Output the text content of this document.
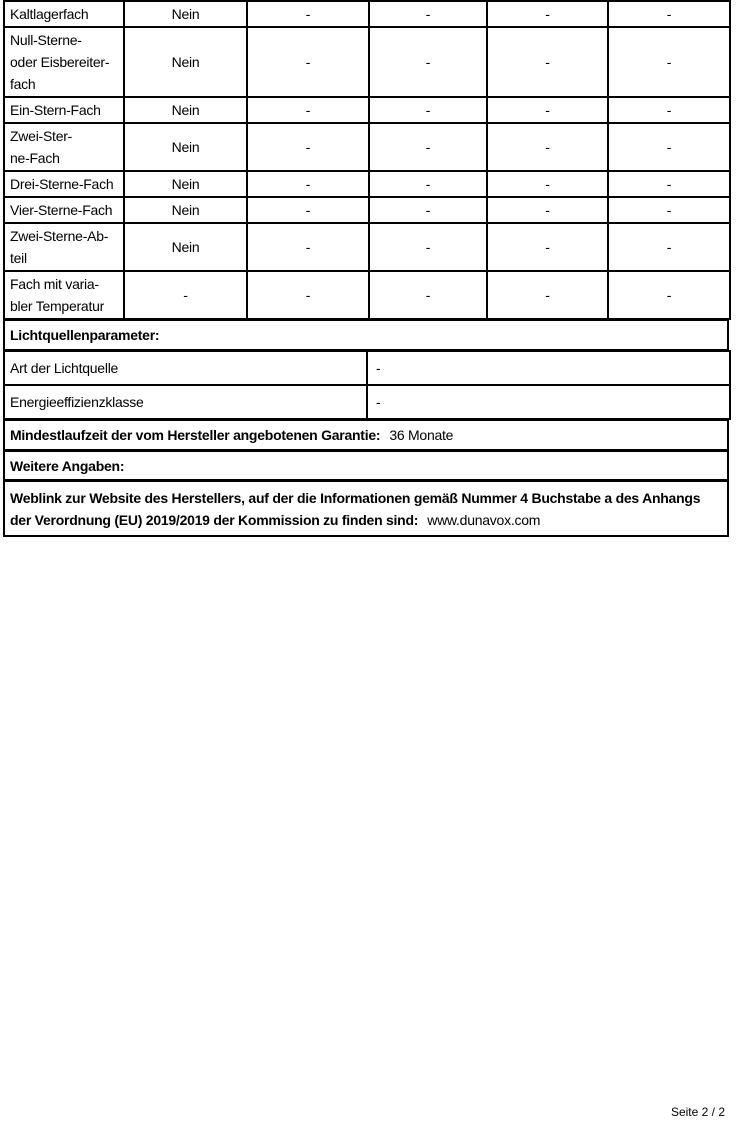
Kaltlagerfach	Nein	-	-	-	-
Null-Sterne-
oder Eisbereiter-
fach	Nein	-	-	-	-
Ein-Stern-Fach	Nein	-	-	-	-
Zwei-Ster-
ne-Fach	Nein	-	-	-	-
Drei-Sterne-Fach	Nein	-	-	-	-
Vier-Sterne-Fach	Nein	-	-	-	-
Zwei-Sterne-Ab-
teil	Nein	-	-	-	-
Fach mit varia-
bler Temperatur	-	-	-	-	-
Lichtquellenparameter:
Art der Lichtquelle	-
Energieeffizienzklasse	-
Mindestlaufzeit der vom Hersteller angebotenen Garantie: 36 Monate
Weitere Angaben:
Weblink zur Website des Herstellers, auf der die Informationen gemäß Nummer 4 Buchstabe a des Anhangs der Verordnung (EU) 2019/2019 der Kommission zu finden sind: www.dunavox.com
Seite 2 / 2
